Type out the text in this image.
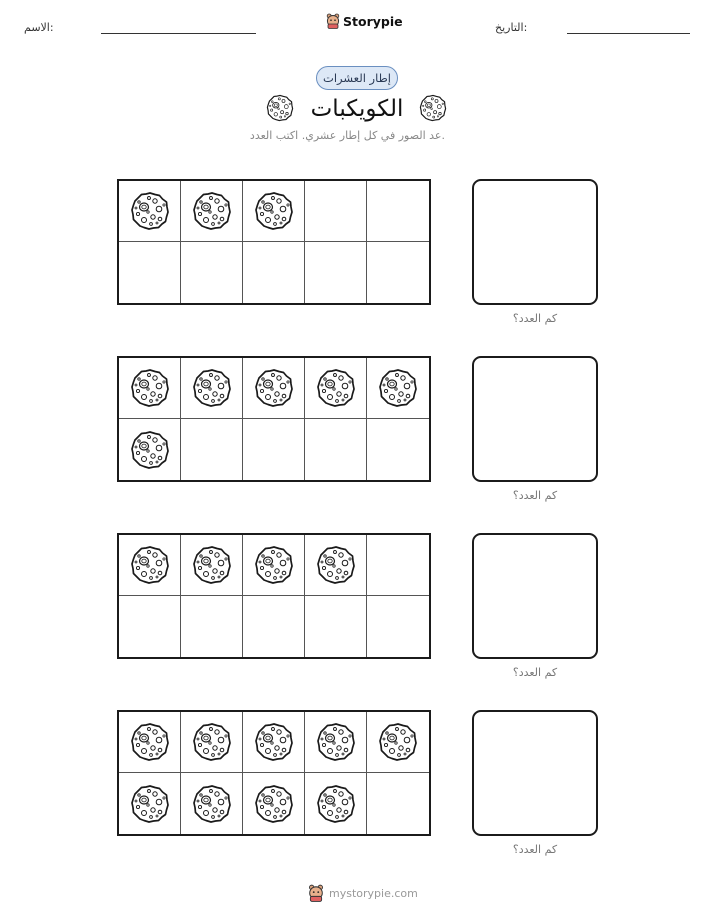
الاسم:	Storypie	التاريخ:
إطار العشرات
الكويكبات
عد الصور في كل إطار عشري. اكتب العدد.
كم العدد؟
كم العدد؟
كم العدد؟
كم العدد؟
mystorypie.com
